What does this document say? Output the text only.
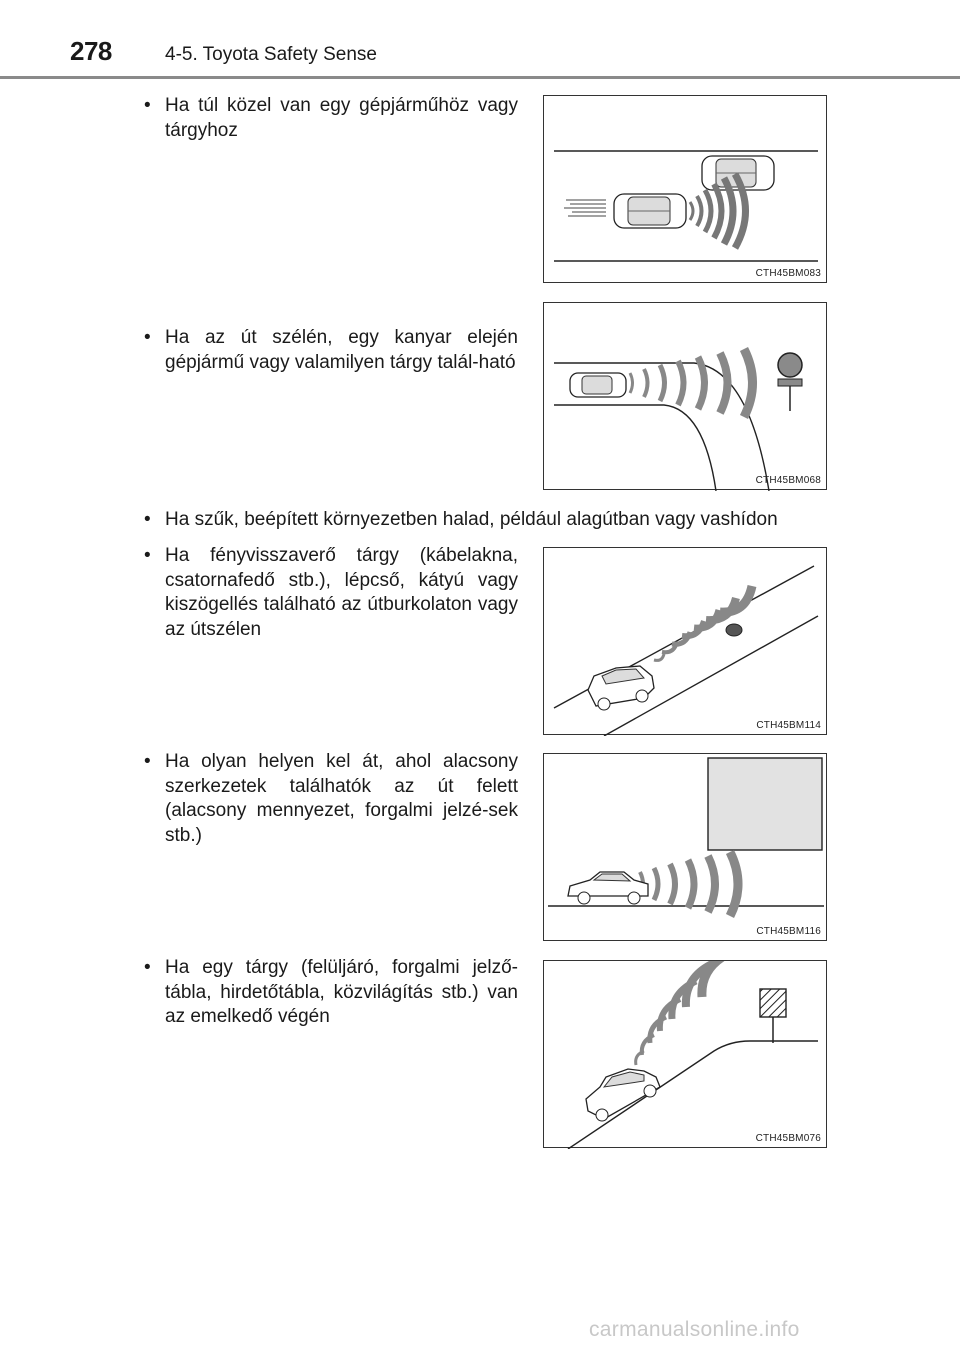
278	4-5. Toyota Safety Sense
• Ha túl közel van egy gépjárműhöz vagy tárgyhoz
CTH45BM083
• Ha az út szélén, egy kanyar elején gépjármű vagy valamilyen tárgy talál-ható
CTH45BM068
• Ha szűk, beépített környezetben halad, például alagútban vagy vashídon
• Ha fényvisszaverő tárgy (kábelakna, csatornafedő stb.), lépcső, kátyú vagy kiszögellés található az útburkolaton vagy az útszélen
CTH45BM114
• Ha olyan helyen kel át, ahol alacsony szerkezetek találhatók az út felett (alacsony mennyezet, forgalmi jelzé-sek stb.)
CTH45BM116
• Ha egy tárgy (felüljáró, forgalmi jelző-tábla, hirdetőtábla, közvilágítás stb.) van az emelkedő végén
CTH45BM076
carmanualsonline.info
